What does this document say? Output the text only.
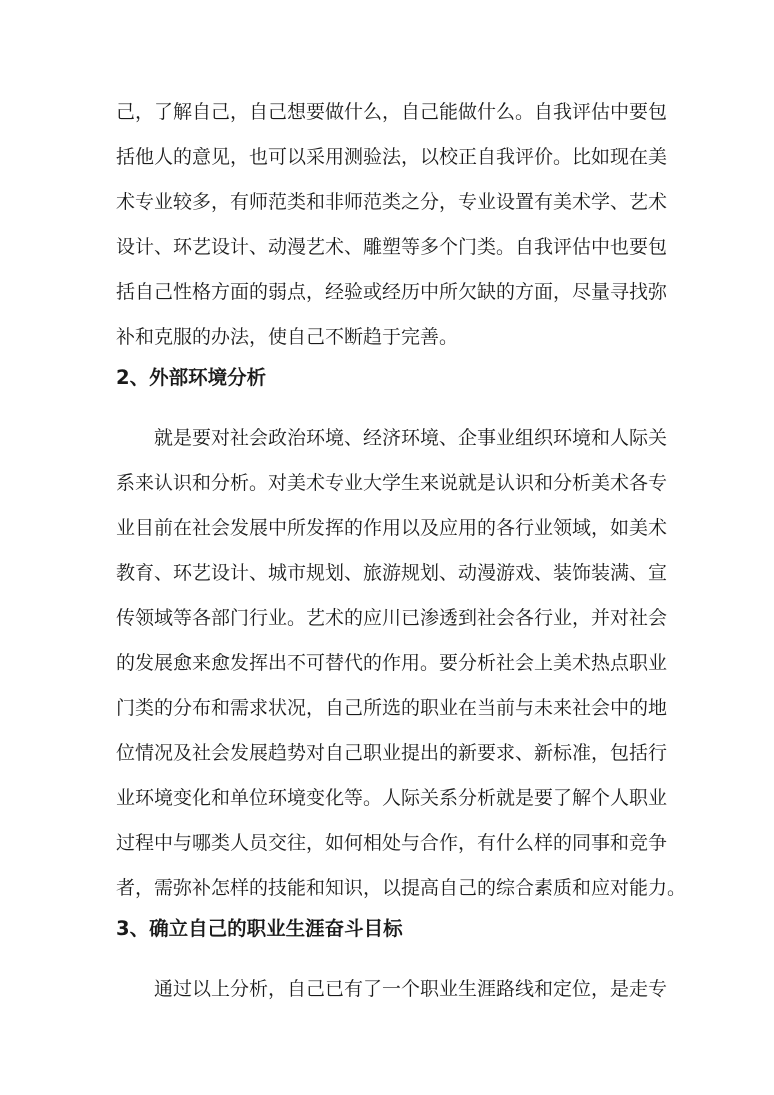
己，了解自己，自己想要做什么，自己能做什么。自我评估中要包
括他人的意见，也可以采用测验法，以校正自我评价。比如现在美
术专业较多，有师范类和非师范类之分，专业设置有美术学、艺术
设计、环艺设计、动漫艺术、雕塑等多个门类。自我评估中也要包
括自己性格方面的弱点，经验或经历中所欠缺的方面，尽量寻找弥
补和克服的办法，使自己不断趋于完善。
2、外部环境分析
就是要对社会政治环境、经济环境、企事业组织环境和人际关
系来认识和分析。对美术专业大学生来说就是认识和分析美术各专
业目前在社会发展中所发挥的作用以及应用的各行业领域，如美术
教育、环艺设计、城市规划、旅游规划、动漫游戏、装饰装满、宣
传领域等各部门行业。艺术的应川已渗透到社会各行业，并对社会
的发展愈来愈发挥出不可替代的作用。要分析社会上美术热点职业
门类的分布和需求状况，自己所选的职业在当前与未来社会中的地
位情况及社会发展趋势对自己职业提出的新要求、新标准，包括行
业环境变化和单位环境变化等。人际关系分析就是要了解个人职业
过程中与哪类人员交往，如何相处与合作，有什么样的同事和竞争
者，需弥补怎样的技能和知识，以提高自己的综合素质和应对能力。
3、确立自己的职业生涯奋斗目标
通过以上分析，自己已有了一个职业生涯路线和定位，是走专
